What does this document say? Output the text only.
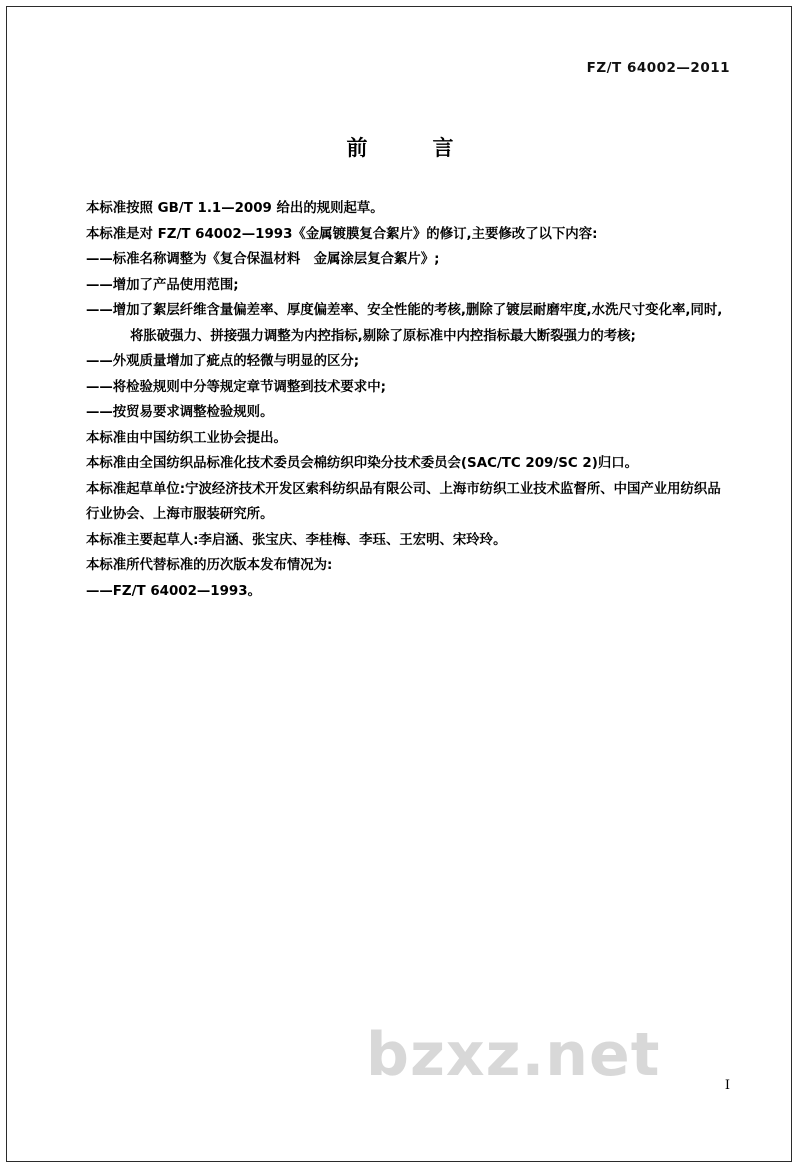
FZ/T 64002—2011
前　言

本标准按照 GB/T 1.1—2009 给出的规则起草。

本标准是对 FZ/T 64002—1993《金属镀膜复合絮片》的修订,主要修改了以下内容:

——标准名称调整为《复合保温材料　金属涂层复合絮片》;

——增加了产品使用范围;

——增加了絮层纤维含量偏差率、厚度偏差率、安全性能的考核,删除了镀层耐磨牢度,水洗尺寸变化率,同时,将胀破强力、拼接强力调整为内控指标,剔除了原标准中内控指标最大断裂强力的考核;

——外观质量增加了疵点的轻微与明显的区分;

——将检验规则中分等规定章节调整到技术要求中;

——按贸易要求调整检验规则。

本标准由中国纺织工业协会提出。

本标准由全国纺织品标准化技术委员会棉纺织印染分技术委员会(SAC/TC 209/SC 2)归口。

本标准起草单位:宁波经济技术开发区索科纺织品有限公司、上海市纺织工业技术监督所、中国产业用纺织品行业协会、上海市服装研究所。

本标准主要起草人:李启涵、张宝庆、李桂梅、李珏、王宏明、宋玲玲。

本标准所代替标准的历次版本发布情况为:

——FZ/T 64002—1993。

bzxz.net	I
